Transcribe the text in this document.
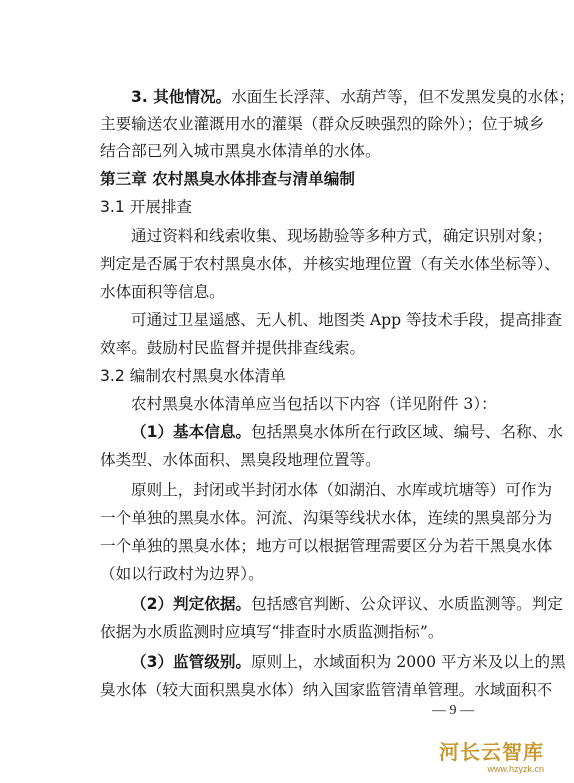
3. 其他情况。水面生长浮萍、水葫芦等，但不发黑发臭的水体；
主要输送农业灌溉用水的灌渠（群众反映强烈的除外）；位于城乡
结合部已列入城市黑臭水体清单的水体。
第三章 农村黑臭水体排查与清单编制
3.1 开展排查
通过资料和线索收集、现场勘验等多种方式，确定识别对象；
判定是否属于农村黑臭水体，并核实地理位置（有关水体坐标等）、
水体面积等信息。
可通过卫星遥感、无人机、地图类 App 等技术手段，提高排查
效率。鼓励村民监督并提供排查线索。
3.2 编制农村黑臭水体清单
农村黑臭水体清单应当包括以下内容（详见附件 3）：
（1）基本信息。包括黑臭水体所在行政区域、编号、名称、水
体类型、水体面积、黑臭段地理位置等。
原则上，封闭或半封闭水体（如湖泊、水库或坑塘等）可作为
一个单独的黑臭水体。河流、沟渠等线状水体，连续的黑臭部分为
一个单独的黑臭水体；地方可以根据管理需要区分为若干黑臭水体
（如以行政村为边界）。
（2）判定依据。包括感官判断、公众评议、水质监测等。判定
依据为水质监测时应填写“排查时水质监测指标”。
（3）监管级别。原则上，水域面积为 2000 平方米及以上的黑
臭水体（较大面积黑臭水体）纳入国家监管清单管理。水域面积不
— 9 —
河长云智库
www.hzyzk.cn
